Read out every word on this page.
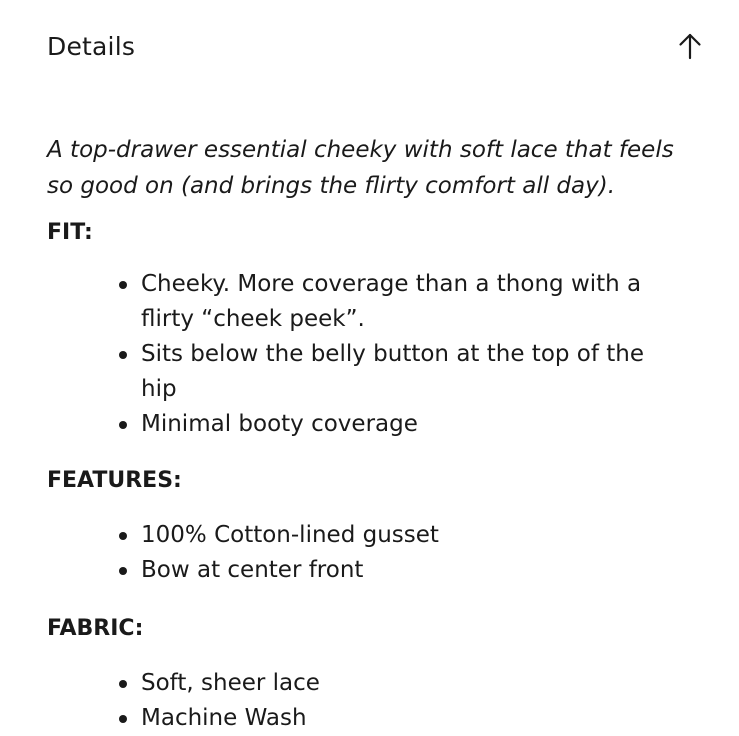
Details

A top-drawer essential cheeky with soft lace that feels so good on (and brings the flirty comfort all day).

FIT:
Cheeky. More coverage than a thong with a flirty “cheek peek”.
Sits below the belly button at the top of the hip
Minimal booty coverage
FEATURES:
100% Cotton-lined gusset
Bow at center front
FABRIC:
Soft, sheer lace
Machine Wash
